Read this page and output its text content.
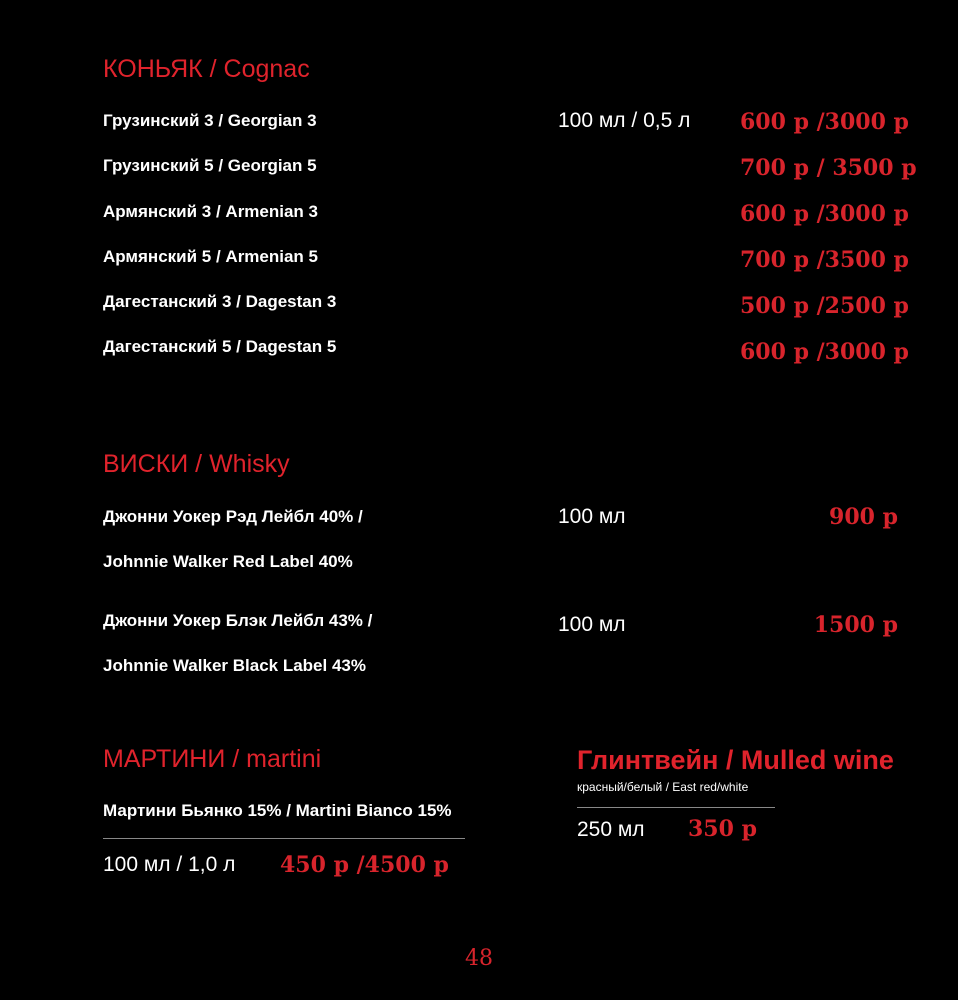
КОНЬЯК / Cognac
Грузинский 3 / Georgian 3	100 мл / 0,5 л 600 р /3000 р
Грузинский 5 / Georgian 5	700 р / 3500 р
Армянский 3 / Armenian 3	600 р /3000 р
Армянский 5 / Armenian 5	700 р /3500 р
Дагестанский 3 / Dagestan 3	500 р /2500 р
Дагестанский 5 / Dagestan 5	600 р /3000 р
ВИСКИ / Whisky
Джонни Уокер Рэд Лейбл 40% /
Johnnie Walker Red Label 40%
100 мл	900 р
Джонни Уокер Блэк Лейбл 43% /
Johnnie Walker Black Label 43%
100 мл	1500 р
МАРТИНИ / martini
Мартини Бьянко 15% / Martini Bianco 15%
100 мл / 1,0 л 450 р /4500 р
Глинтвейн / Mulled wine
красный/белый / East red/white
250 мл 350 р
48
